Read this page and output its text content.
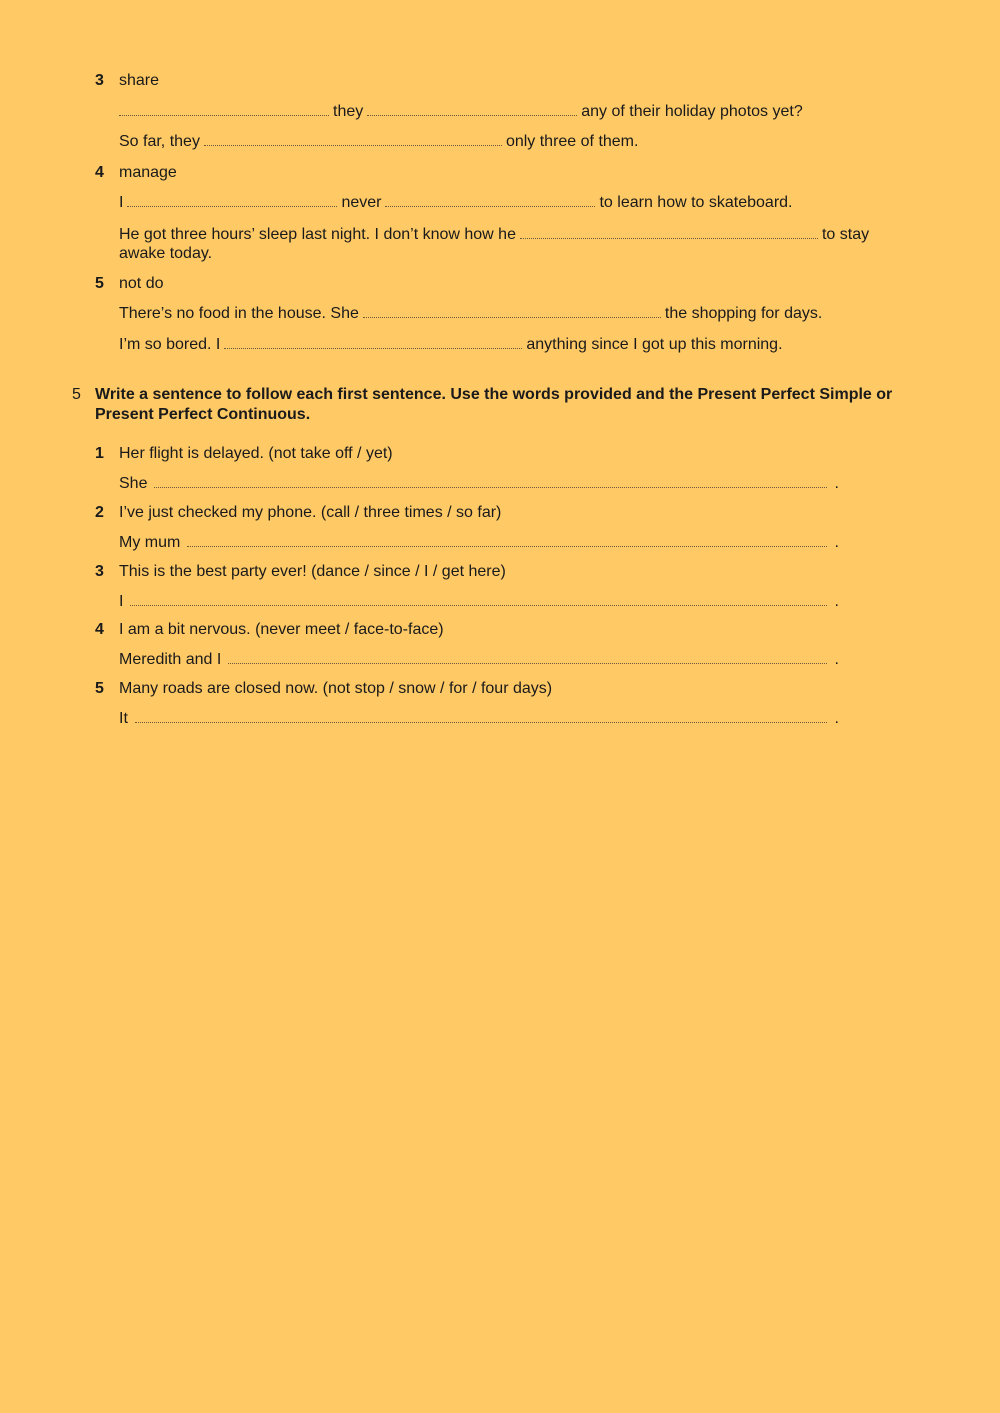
3 share
they	any of their holiday photos yet?
So far, they	only three of them.
4 manage
I	never	to learn how to skateboard.
He got three hours’ sleep last night. I don’t know how he	to stay
awake today.
5 not do
There’s no food in the house. She	the shopping for days.
I’m so bored. I	anything since I got up this morning.
5 Write a sentence to follow each first sentence. Use the words provided and the Present Perfect Simple or Present Perfect Continuous.
1 Her flight is delayed. (not take off / yet)
She	.
2 I’ve just checked my phone. (call / three times / so far)
My mum	.
3 This is the best party ever! (dance / since / I / get here)
I	.
4 I am a bit nervous. (never meet / face-to-face)
Meredith and I	.
5 Many roads are closed now. (not stop / snow / for / four days)
It	.
